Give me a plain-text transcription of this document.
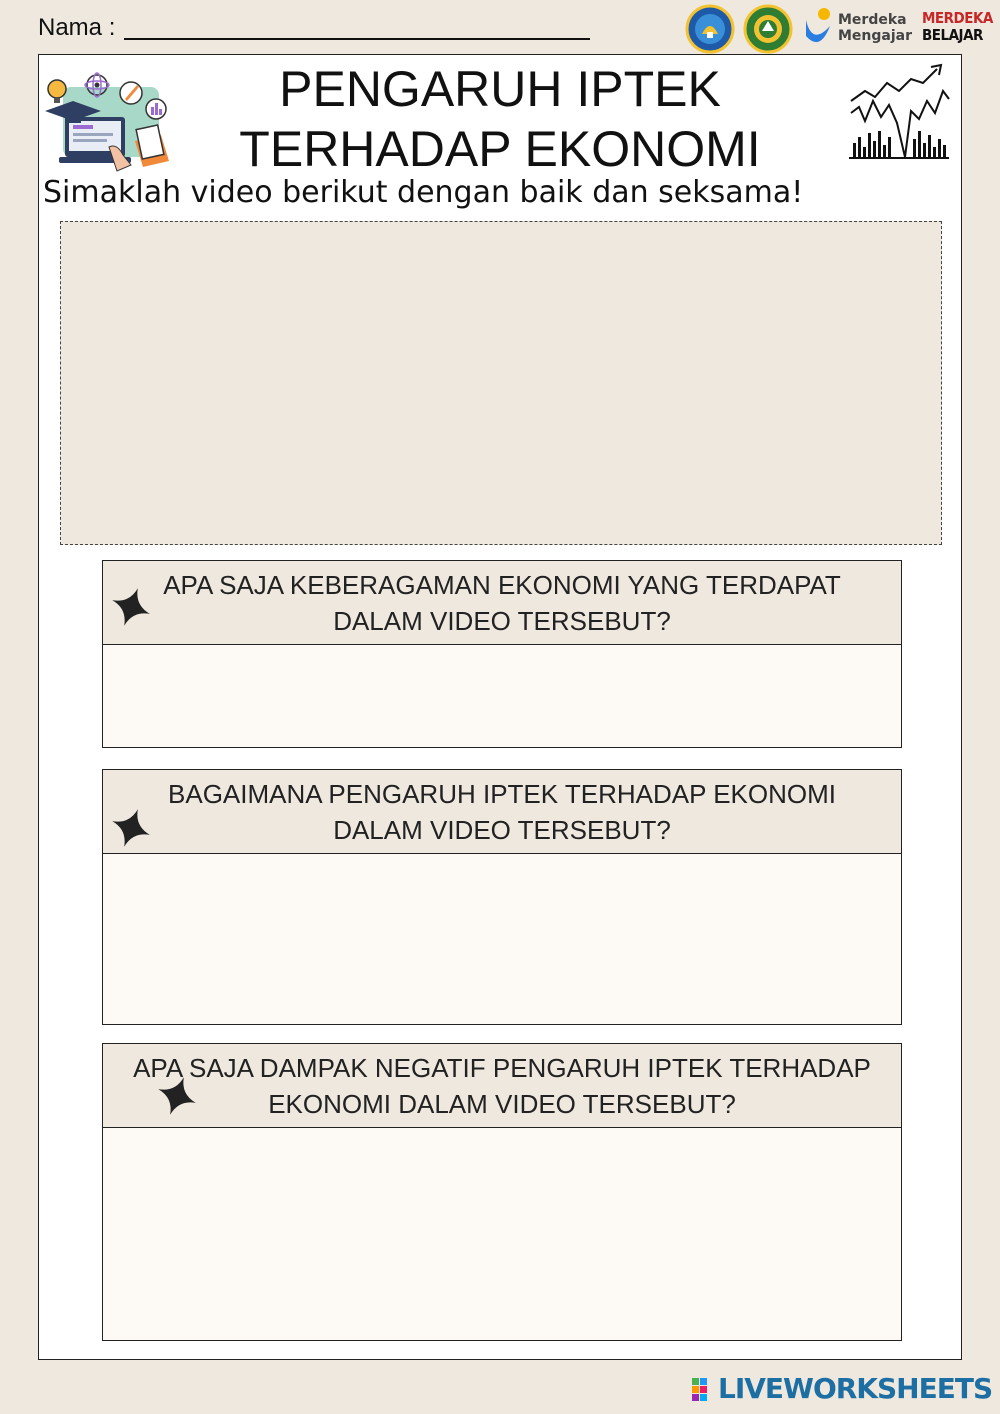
Nama :	Merdeka
Mengajar
MERDEKA
BELAJAR
PENGARUH IPTEK
TERHADAP EKONOMI
Simaklah video berikut dengan baik dan seksama!
APA SAJA KEBERAGAMAN EKONOMI YANG TERDAPAT
DALAM VIDEO TERSEBUT?
BAGAIMANA PENGARUH IPTEK TERHADAP EKONOMI
DALAM VIDEO TERSEBUT?
APA SAJA DAMPAK NEGATIF PENGARUH IPTEK TERHADAP
EKONOMI DALAM VIDEO TERSEBUT?
LIVEWORKSHEETS
